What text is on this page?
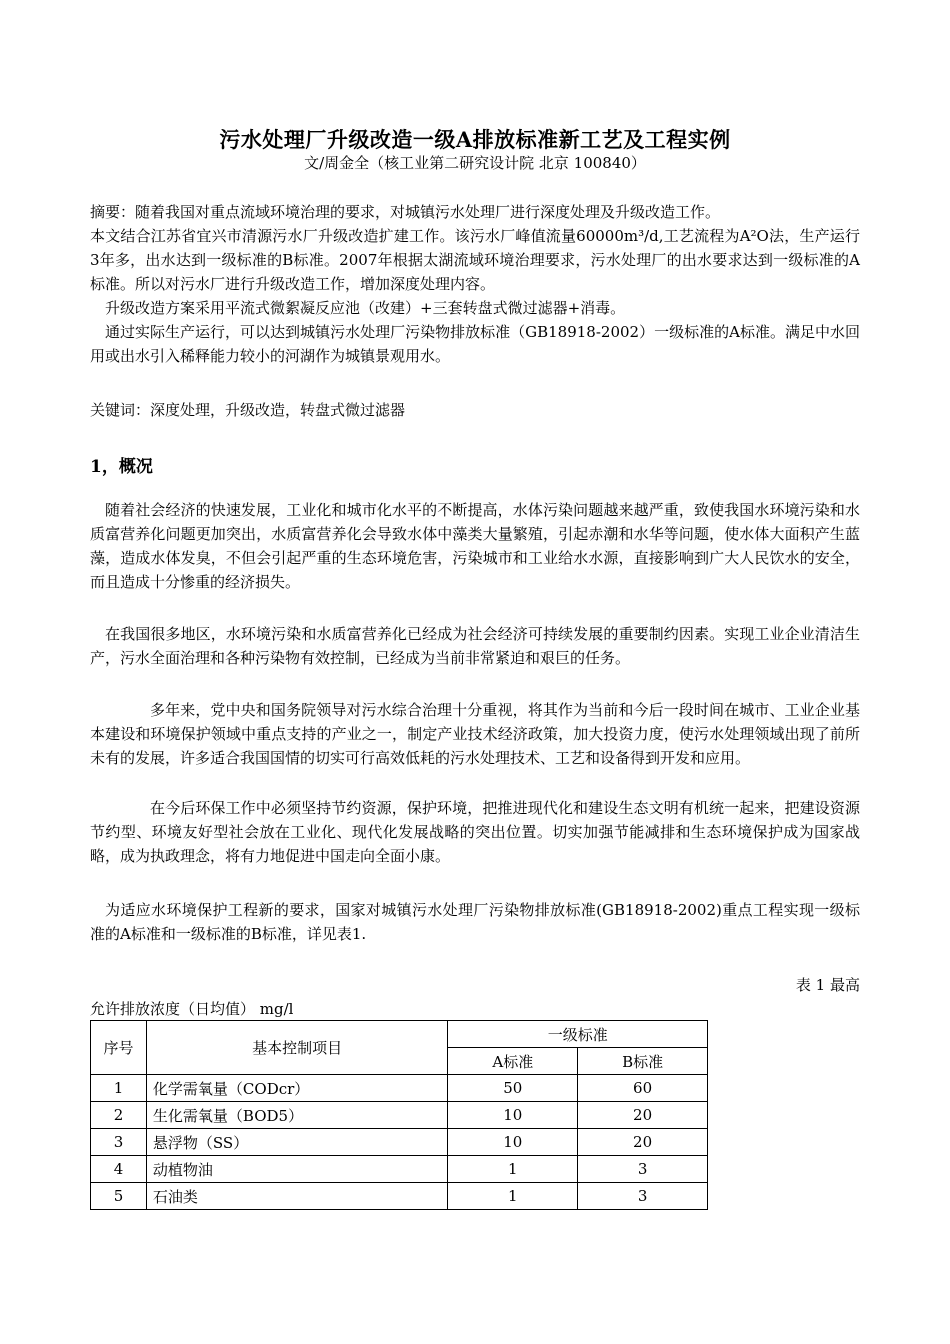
污水处理厂升级改造一级A排放标准新工艺及工程实例
文/周金全（核工业第二研究设计院 北京 100840）
摘要：随着我国对重点流域环境治理的要求，对城镇污水处理厂进行深度处理及升级改造工作。
本文结合江苏省宜兴市清源污水厂升级改造扩建工作。该污水厂峰值流量60000m³/d,工艺流程为A²O法，生产运行3年多，出水达到一级标准的B标准。2007年根据太湖流域环境治理要求，污水处理厂的出水要求达到一级标准的A标准。所以对污水厂进行升级改造工作，增加深度处理内容。
升级改造方案采用平流式微絮凝反应池（改建）+三套转盘式微过滤器+消毒。
通过实际生产运行，可以达到城镇污水处理厂污染物排放标准（GB18918-2002）一级标准的A标准。满足中水回用或出水引入稀释能力较小的河湖作为城镇景观用水。
关键词：深度处理，升级改造，转盘式微过滤器
1，概况
随着社会经济的快速发展，工业化和城市化水平的不断提高，水体污染问题越来越严重，致使我国水环境污染和水质富营养化问题更加突出，水质富营养化会导致水体中藻类大量繁殖，引起赤潮和水华等问题，使水体大面积产生蓝藻，造成水体发臭，不但会引起严重的生态环境危害，污染城市和工业给水水源，直接影响到广大人民饮水的安全，而且造成十分惨重的经济损失。
在我国很多地区，水环境污染和水质富营养化已经成为社会经济可持续发展的重要制约因素。实现工业企业清洁生产，污水全面治理和各种污染物有效控制，已经成为当前非常紧迫和艰巨的任务。
多年来，党中央和国务院领导对污水综合治理十分重视，将其作为当前和今后一段时间在城市、工业企业基本建设和环境保护领域中重点支持的产业之一，制定产业技术经济政策，加大投资力度，使污水处理领域出现了前所未有的发展，许多适合我国国情的切实可行高效低耗的污水处理技术、工艺和设备得到开发和应用。
在今后环保工作中必须坚持节约资源，保护环境，把推进现代化和建设生态文明有机统一起来，把建设资源节约型、环境友好型社会放在工业化、现代化发展战略的突出位置。切实加强节能减排和生态环境保护成为国家战略，成为执政理念，将有力地促进中国走向全面小康。
为适应水环境保护工程新的要求，国家对城镇污水处理厂污染物排放标准(GB18918-2002)重点工程实现一级标准的A标准和一级标准的B标准，详见表1.
表 1 最高
允许排放浓度（日均值） mg/l
序号	基本控制项目	一级标准	
		A标准	B标准
1	化学需氧量（CODcr）	50	60
2	生化需氧量（BOD5）	10	20
3	悬浮物（SS）	10	20
4	动植物油	1	3
5	石油类	1	3
